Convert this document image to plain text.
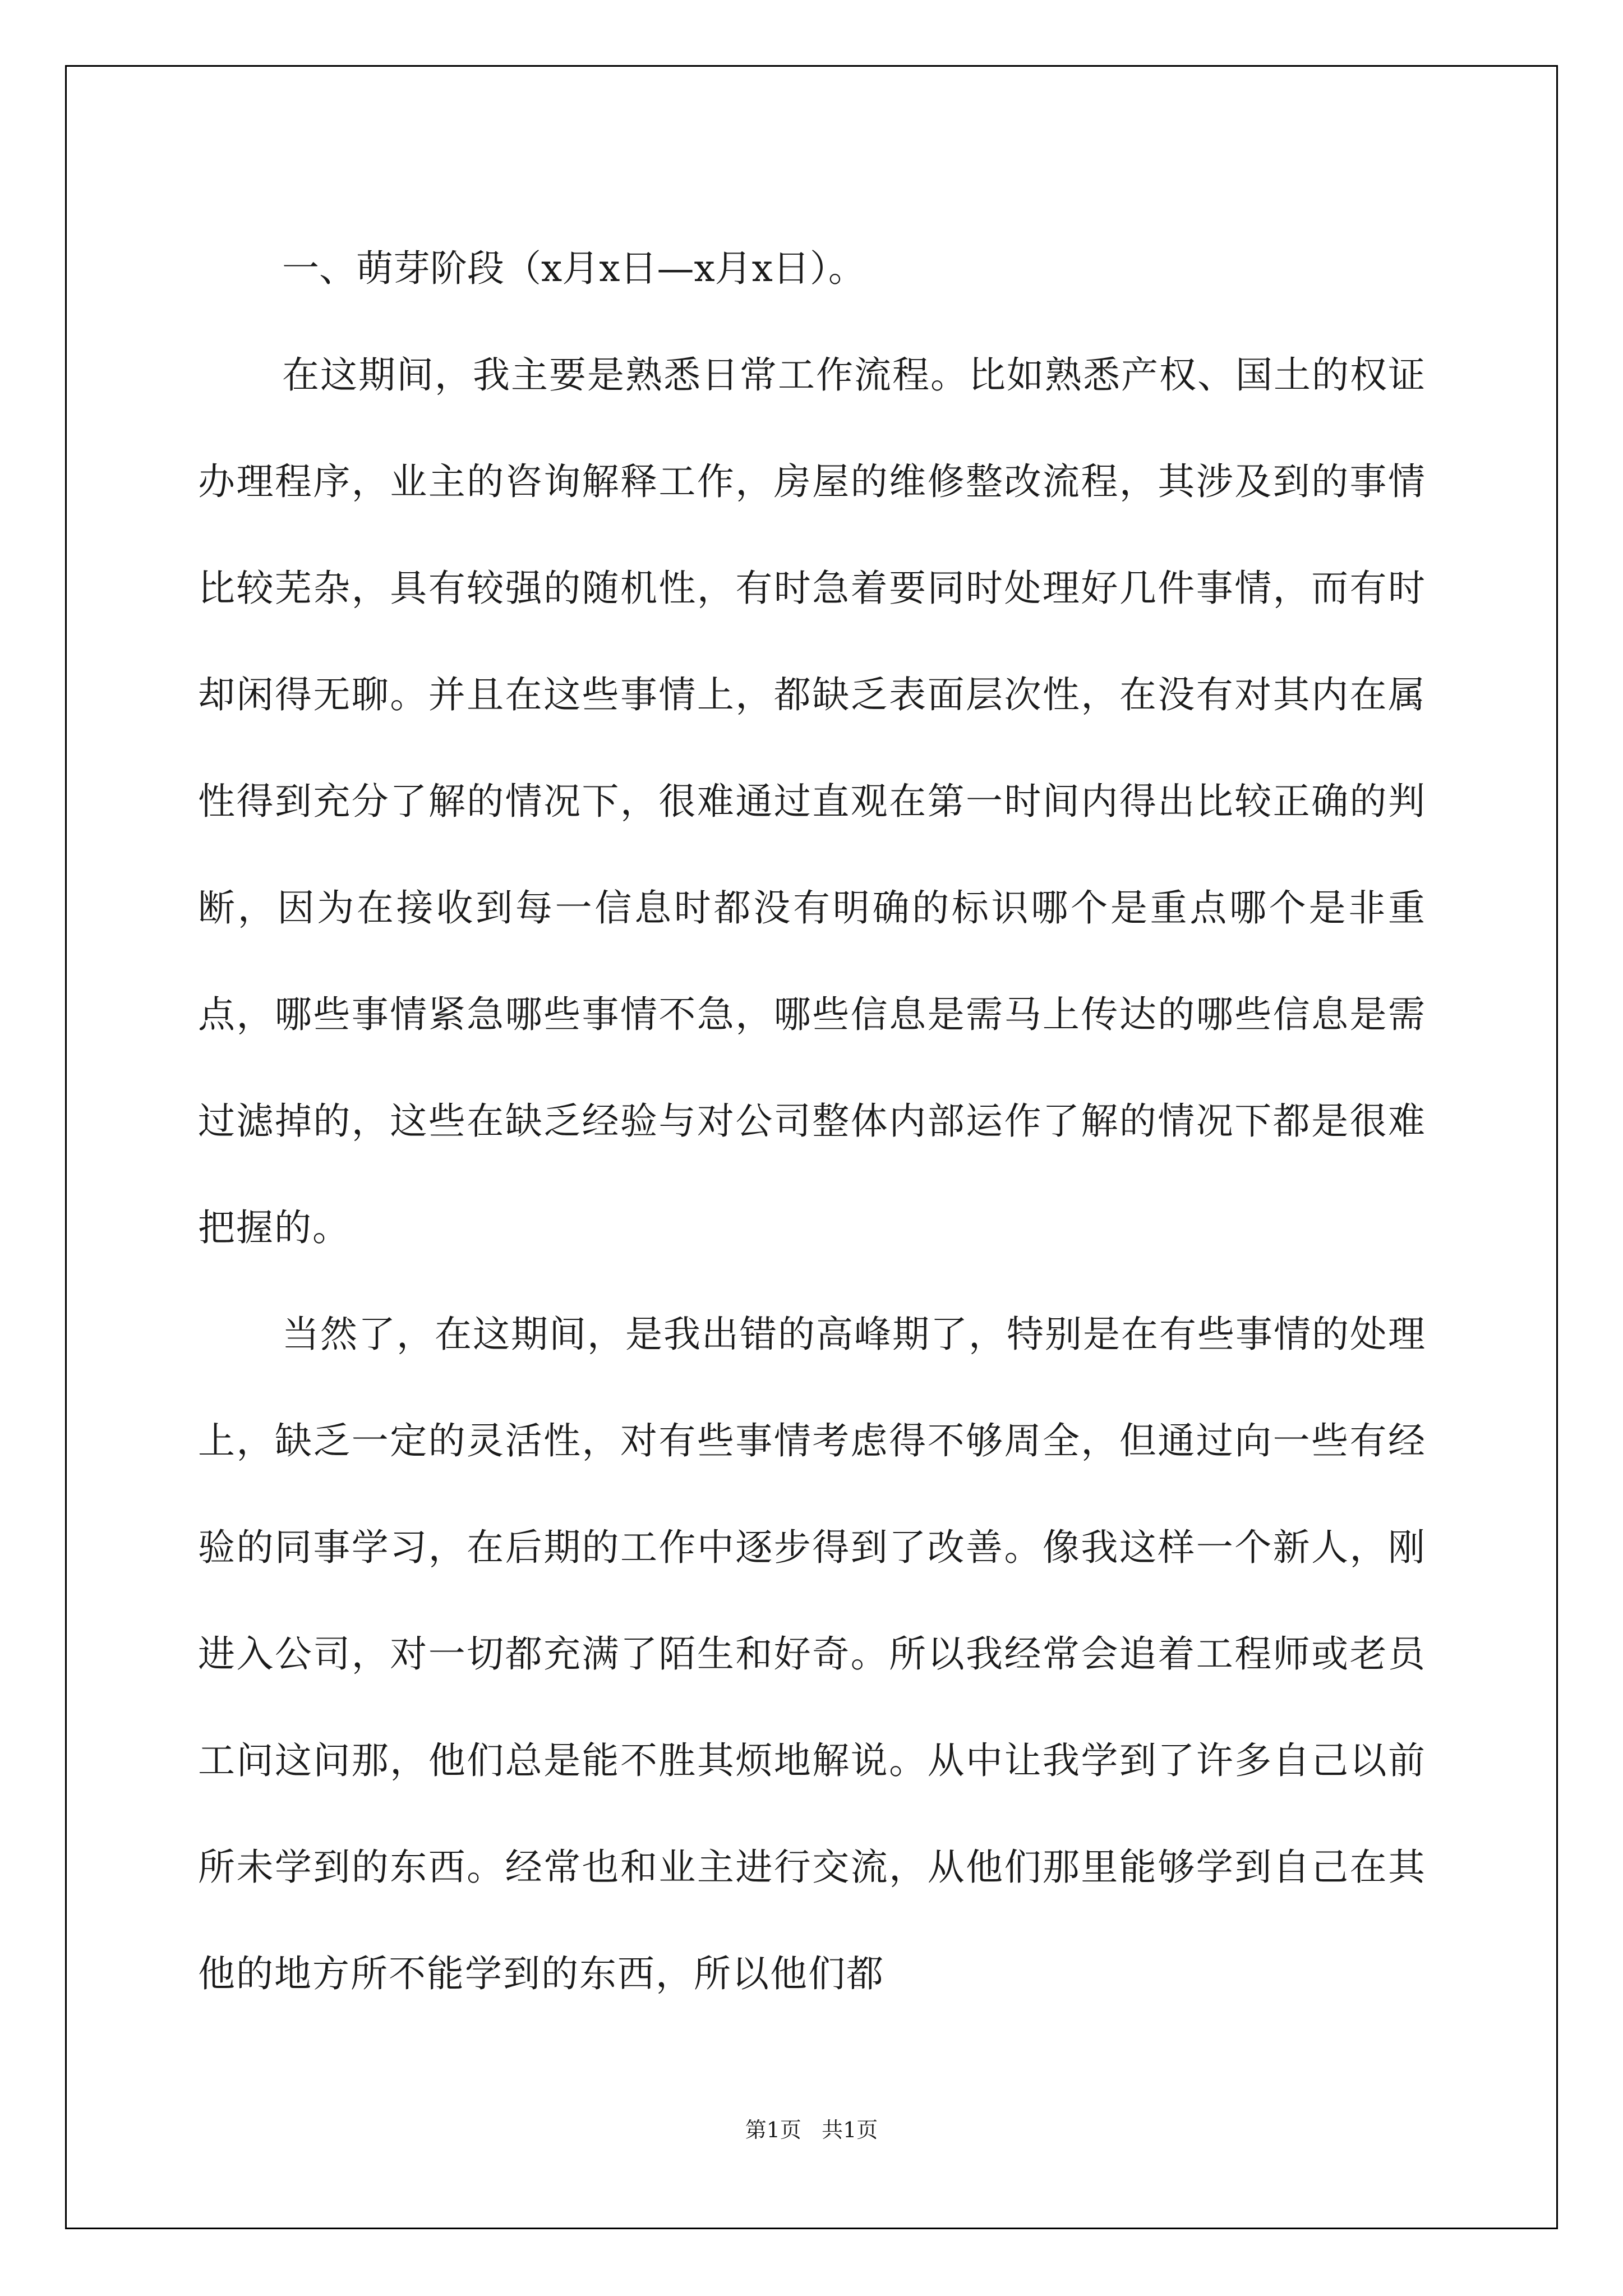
一、萌芽阶段（x月x日—x月x日）。

在这期间，我主要是熟悉日常工作流程。比如熟悉产权、国土的权证办理程序，业主的咨询解释工作，房屋的维修整改流程，其涉及到的事情比较芜杂，具有较强的随机性，有时急着要同时处理好几件事情，而有时却闲得无聊。并且在这些事情上，都缺乏表面层次性，在没有对其内在属性得到充分了解的情况下，很难通过直观在第一时间内得出比较正确的判断，因为在接收到每一信息时都没有明确的标识哪个是重点哪个是非重点，哪些事情紧急哪些事情不急，哪些信息是需马上传达的哪些信息是需过滤掉的，这些在缺乏经验与对公司整体内部运作了解的情况下都是很难把握的。

当然了，在这期间，是我出错的高峰期了，特别是在有些事情的处理上，缺乏一定的灵活性，对有些事情考虑得不够周全，但通过向一些有经验的同事学习，在后期的工作中逐步得到了改善。像我这样一个新人，刚进入公司，对一切都充满了陌生和好奇。所以我经常会追着工程师或老员工问这问那，他们总是能不胜其烦地解说。从中让我学到了许多自己以前所未学到的东西。经常也和业主进行交流，从他们那里能够学到自己在其他的地方所不能学到的东西，所以他们都

第1页   共1页
